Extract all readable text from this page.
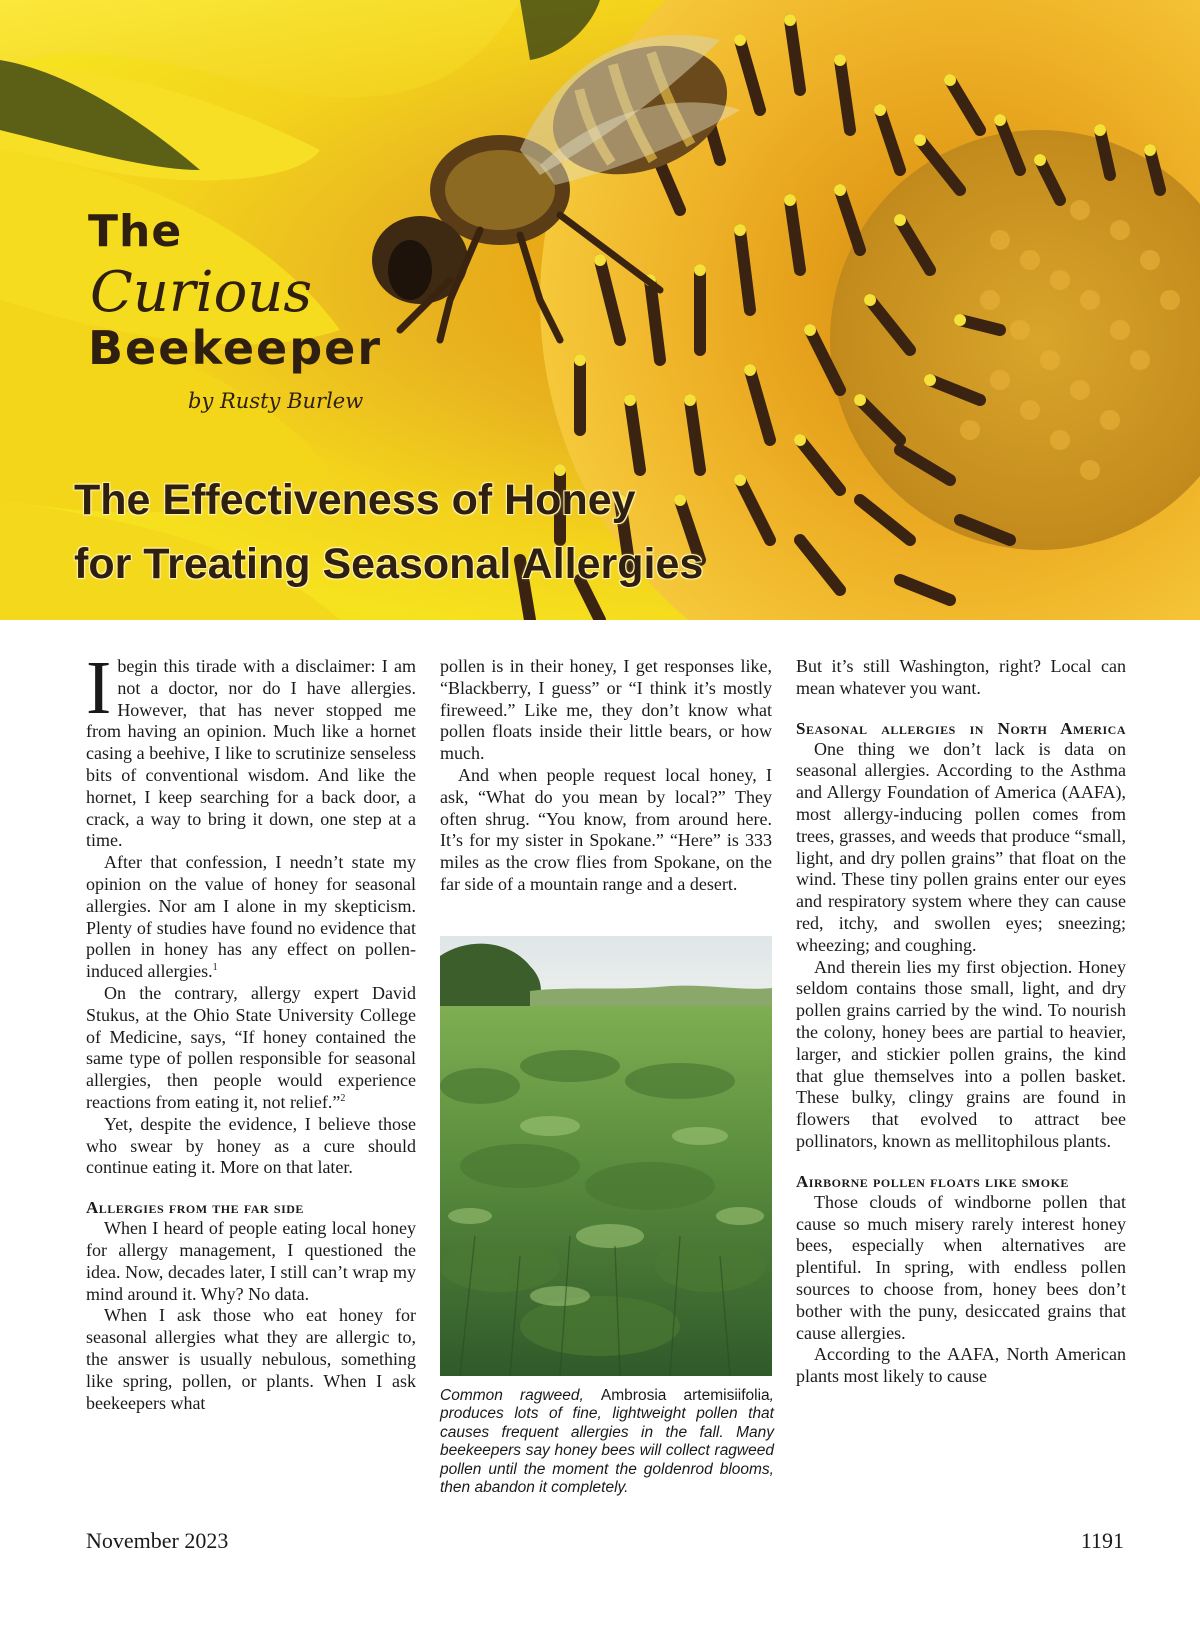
The
Curious
Beekeeper
by Rusty Burlew
The Effectiveness of Honey
for Treating Seasonal Allergies

Ibegin this tirade with a disclaimer: I am not a doctor, nor do I have allergies. However, that has never stopped me from having an opinion. Much like a hornet casing a beehive, I like to scrutinize senseless bits of conventional wisdom. And like the hornet, I keep searching for a back door, a crack, a way to bring it down, one step at a time.

After that confession, I needn’t state my opinion on the value of honey for seasonal allergies. Nor am I alone in my skepticism. Plenty of studies have found no evidence that pollen in honey has any effect on pollen-induced allergies.$^1$

On the contrary, allergy expert David Stukus, at the Ohio State University College of Medicine, says, “If honey contained the same type of pollen responsible for seasonal allergies, then people would experience reactions from eating it, not relief.”$^2$

Yet, despite the evidence, I believe those who swear by honey as a cure should continue eating it. More on that later.

Allergies from the far side

When I heard of people eating local honey for allergy management, I questioned the idea. Now, decades later, I still can’t wrap my mind around it. Why? No data.

When I ask those who eat honey for seasonal allergies what they are allergic to, the answer is usually nebulous, something like spring, pollen, or plants. When I ask beekeepers what

pollen is in their honey, I get responses like, “Blackberry, I guess” or “I think it’s mostly fireweed.” Like me, they don’t know what pollen floats inside their little bears, or how much.

And when people request local honey, I ask, “What do you mean by local?” They often shrug. “You know, from around here. It’s for my sister in Spokane.” “Here” is 333 miles as the crow flies from Spokane, on the far side of a mountain range and a desert.

Common ragweed, Ambrosia artemisiifolia, produces lots of fine, lightweight pollen that causes frequent allergies in the fall. Many beekeepers say honey bees will collect ragweed pollen until the moment the goldenrod blooms, then abandon it completely.

But it’s still Washington, right? Local can mean whatever you want.

Seasonal allergies in North America

One thing we don’t lack is data on seasonal allergies. According to the Asthma and Allergy Foundation of America (AAFA), most allergy-inducing pollen comes from trees, grasses, and weeds that produce “small, light, and dry pollen grains” that float on the wind. These tiny pollen grains enter our eyes and respiratory system where they can cause red, itchy, and swollen eyes; sneezing; wheezing; and coughing.

And therein lies my first objection. Honey seldom contains those small, light, and dry pollen grains carried by the wind. To nourish the colony, honey bees are partial to heavier, larger, and stickier pollen grains, the kind that glue themselves into a pollen basket. These bulky, clingy grains are found in flowers that evolved to attract bee pollinators, known as mellitophilous plants.

Airborne pollen floats like smoke

Those clouds of windborne pollen that cause so much misery rarely interest honey bees, especially when alternatives are plentiful. In spring, with endless pollen sources to choose from, honey bees don’t bother with the puny, desiccated grains that cause allergies.

According to the AAFA, North American plants most likely to cause

November 2023	1191
